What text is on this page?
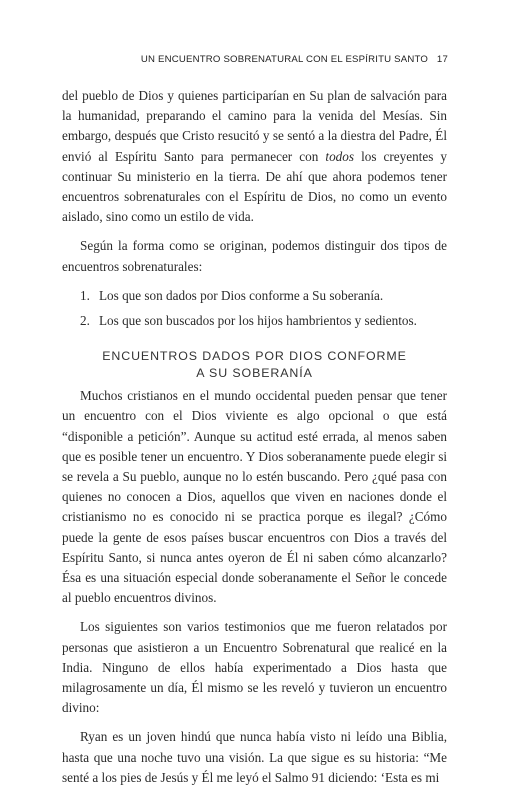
UN ENCUENTRO SOBRENATURAL CON EL ESPÍRITU SANTO 17

del pueblo de Dios y quienes participarían en Su plan de salvación para la humanidad, preparando el camino para la venida del Mesías. Sin embargo, después que Cristo resucitó y se sentó a la diestra del Padre, Él envió al Espíritu Santo para permanecer con todos los creyentes y continuar Su ministerio en la tierra. De ahí que ahora podemos tener encuentros sobrenaturales con el Espíritu de Dios, no como un evento aislado, sino como un estilo de vida.

Según la forma como se originan, podemos distinguir dos tipos de encuentros sobrenaturales:

1. Los que son dados por Dios conforme a Su soberanía.
2. Los que son buscados por los hijos hambrientos y sedientos.
ENCUENTROS DADOS POR DIOS CONFORME
A SU SOBERANÍA

Muchos cristianos en el mundo occidental pueden pensar que tener un encuentro con el Dios viviente es algo opcional o que está “disponible a petición”. Aunque su actitud esté errada, al menos saben que es posible tener un encuentro. Y Dios soberanamente puede elegir si se revela a Su pueblo, aunque no lo estén buscando. Pero ¿qué pasa con quienes no conocen a Dios, aquellos que viven en naciones donde el cristianismo no es conocido ni se practica porque es ilegal? ¿Cómo puede la gente de esos países buscar encuentros con Dios a través del Espíritu Santo, si nunca antes oyeron de Él ni saben cómo alcanzarlo? Ésa es una situación especial donde soberanamente el Señor le concede al pueblo encuentros divinos.

Los siguientes son varios testimonios que me fueron relatados por personas que asistieron a un Encuentro Sobrenatural que realicé en la India. Ninguno de ellos había experimentado a Dios hasta que milagrosamente un día, Él mismo se les reveló y tuvieron un encuentro divino:

Ryan es un joven hindú que nunca había visto ni leído una Biblia, hasta que una noche tuvo una visión. La que sigue es su historia: “Me senté a los pies de Jesús y Él me leyó el Salmo 91 diciendo: ‘Esta es mi
